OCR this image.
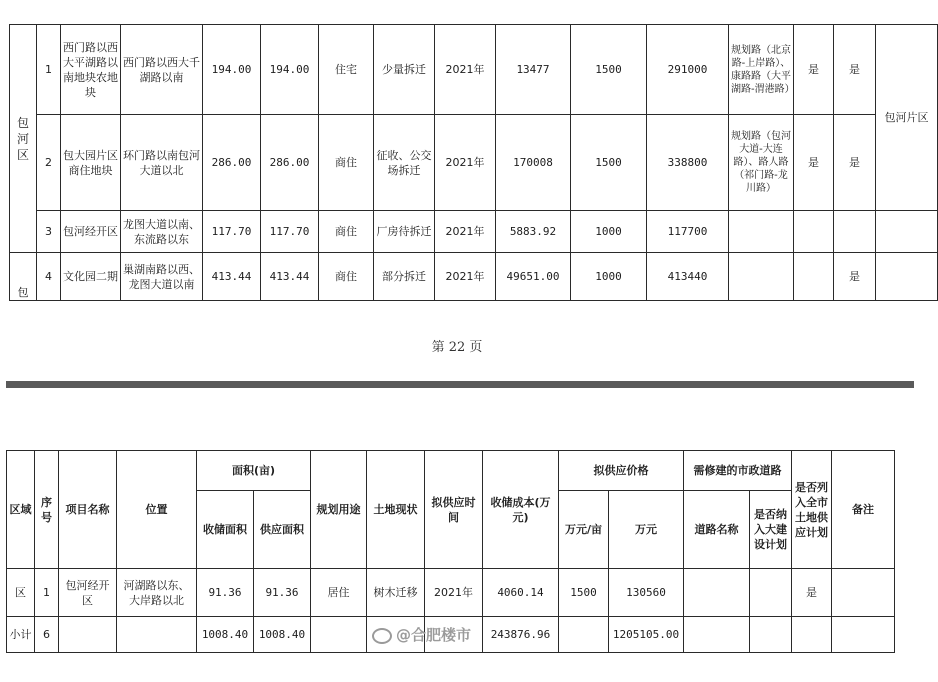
包河区	1	西门路以西大平湖路以南地块农地块	西门路以西大千湖路以南	194.00	194.00	住宅	少量拆迁	2021年	13477	1500	291000	规划路（北京路-上岸路）、康路路（大平湖路-渭港路）	是	是	包河片区
	2	包大园片区商住地块	环门路以南包河大道以北	286.00	286.00	商住	征收、公交场拆迁	2021年	170008	1500	338800	规划路（包河大道-大连路）、路人路（祁门路-龙川路）	是	是	
	3	包河经开区	龙图大道以南、东流路以东	117.70	117.70	商住	厂房待拆迁	2021年	5883.92	1000	117700				
包	4	文化园二期	巢湖南路以西、龙图大道以南	413.44	413.44	商住	部分拆迁	2021年	49651.00	1000	413440			是	
第 22 页
区域	序号	项目名称	位置	面积(亩)		规划用途	土地现状	拟供应时间	收储成本(万元)	拟供应价格		需修建的市政道路		是否列入全市土地供应计划	备注
				收储面积	供应面积					万元/亩	万元	道路名称	是否纳入大建设计划		
区	1	包河经开区	河湖路以东、大岸路以北	91.36	91.36	居住	树木迁移	2021年	4060.14	1500	130560			是	
小计	6			1008.40	1008.40				243876.96		1205105.00				
@合肥楼市
